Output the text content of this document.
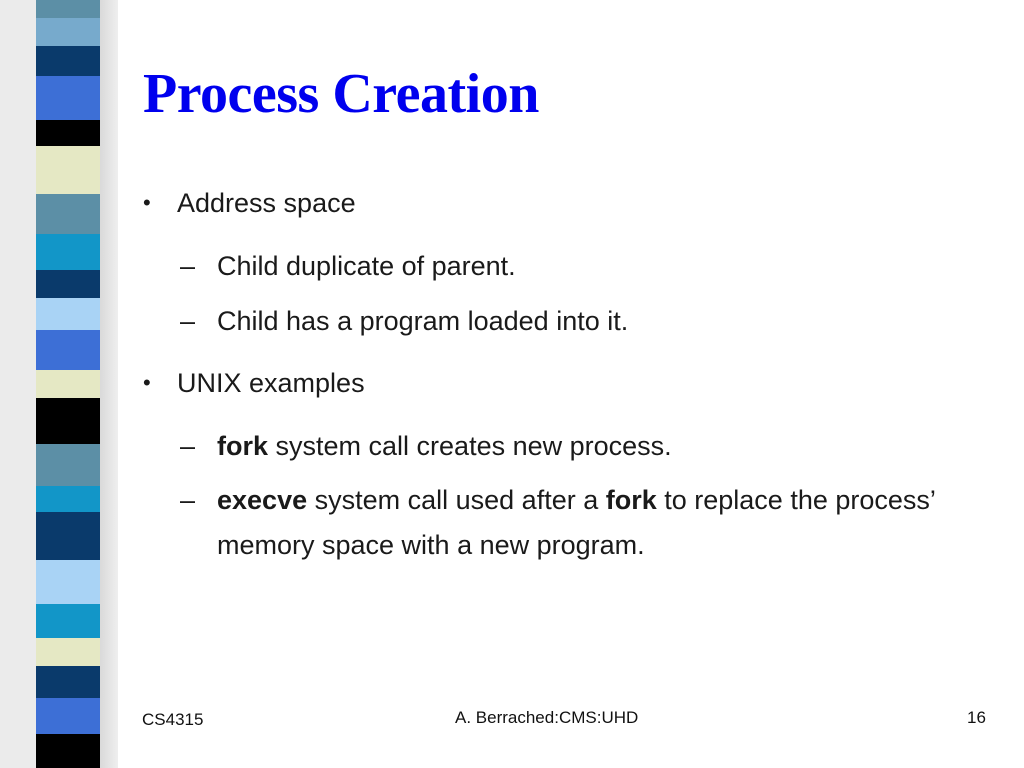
Process Creation
• Address space
– Child duplicate of parent.
– Child has a program loaded into it.
• UNIX examples
– fork system call creates new process.
– execve system call used after a fork to replace the process’ memory space with a new program.
CS4315	A. Berrached:CMS:UHD	16
